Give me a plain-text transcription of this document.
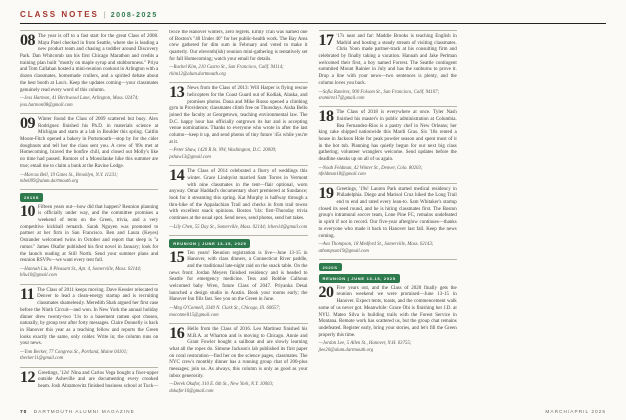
CLASS NOTES | 2008-2025
08 The year is off to a fast start for the great Class of 2008. Maya Patel checked in from Seattle, where she is leading a new product team and chasing a toddler around Discovery Park. Dan Whitcomb ran his first Chicago Marathon and credits a training plan built "mostly on maple syrup and stubbornness." Priya and Tom Callahan hosted a mini-reunion cookout in Arlington with a dozen classmates, homemade crullers, and a spirited debate about the best booth at Lou's. Keep the updates coming—your classmates genuinely read every word of this column.

—Jess Harmon, 41 Birchwood Lane, Arlington, Mass. 02474; jess.harmon08@gmail.com

09 Winter found the Class of 2009 scattered but busy. Alex Rodriguez finished his Ph.D. in materials science at Michigan and starts at a lab in Boulder this spring. Caitlin Moore-Fitch opened a bakery in Portsmouth—stop by for the cider doughnuts and tell her the class sent you. A crew of '09s met at Homecoming, braved the bonfire chill, and closed out Molly's like no time had passed. Rumors of a Moosilauke hike this summer are true; email me to claim a bunk at the Ravine Lodge.

—Marcus Bell, 19 Gates St., Brooklyn, N.Y. 11231; mbell09@alum.dartmouth.org

2010S

10 Fifteen years out—how did that happen? Reunion planning is officially under way, and the committee promises a weekend of tents on the Green, trivia, and a very competitive kickball rematch. Sarah Nguyen was promoted to partner at her firm in San Francisco. Ben and Laura (Keyes) Ostrander welcomed twins in October and report that sleep is "a rumor." James Okafor published his first novel in January; look for the launch reading at Still North. Send your summer plans and reunion RSVPs—we want every tent full.

—Hannah Liu, 8 Pleasant St., Apt. 4, Somerville, Mass. 02144; hliu10@gmail.com

11 The Class of 2011 keeps moving. Dave Kessler relocated to Denver to lead a clean-energy startup and is recruiting classmates shamelessly. Meredith Shah argued her first case before the Ninth Circuit—and won. In New York the annual holiday dinner drew twenty-two '11s to a basement ramen spot chosen, naturally, by group text after forty messages. Claire Donnelly is back in Hanover this year as a teaching fellow and reports the Green looks exactly the same, only colder. Write in; the column runs on your news.

—Tom Becker, 77 Congress St., Portland, Maine 04101; tbecker11@gmail.com

12 Greetings, '12s! Nina and Carlos Vega bought a fixer-upper outside Asheville and are documenting every crooked beam. Josh Abramowitz finished business school at Tuck—twice the Hanover winters, zero regrets. Emily Tran was named one of Boston's "40 Under 40" for her public-health work. The Bay Area crew gathered for dim sum in February and voted to make it quarterly. Our eleventh(ish) reunion mini-gathering is tentatively set for fall Homecoming; watch your email for details.

—Rachel Kim, 210 Castro St., San Francisco, Calif. 94114; rkim12@alum.dartmouth.org

13 News from the Class of 2013: Will Harper is flying rescue helicopters for the Coast Guard out of Kodiak, Alaska, and promises photos. Dana and Mike Russo opened a climbing gym in Providence; classmates climb free on Thursdays. Aisha Bello joined the faculty at Georgetown, teaching environmental law. The D.C. happy hour has officially outgrown its bar and is accepting venue nominations. Thanks to everyone who wrote in after the last column—keep it up, and send photos of tiny future '45s while you're at it.

—Peter Shaw, 1420 R St. NW, Washington, D.C. 20009; pshaw13@gmail.com

14 The Class of 2014 celebrated a flurry of weddings this winter. Grace Lindqvist married Sam Torres in Vermont with nine classmates in the tent—flair optional, worn anyway. Omar Haddad's documentary short premiered at Sundance; look for it streaming this spring. Kat Murphy is halfway through a thru-hike of the Appalachian Trail and checks in from trail towns with excellent snack opinions. Boston '14s: first-Thursday trivia continues at the usual spot. Send news, send photos, send hot takes.

—Lily Chen, 55 Day St., Somerville, Mass. 02144; lchen14@gmail.com

REUNION | JUNE 13-15, 2025

15 Ten years! Reunion registration is live—June 13-15 in Hanover, with class dinners, a Connecticut River paddle, and the traditional late-night raid on the snack table. On the news front: Jordan Meyers finished residency and is headed to Seattle for emergency medicine. Tess and Robbie Calhoun welcomed baby Wren, future Class of 2047. Priyanka Desai launched a design studio in Austin. Book your rooms early; the Hanover Inn fills fast. See you on the Green in June.

—Meg O'Connell, 3340 N. Clark St., Chicago, Ill. 60657; moconnell15@gmail.com

16 Hello from the Class of 2016. Leo Martinez finished his M.B.A. at Wharton and is moving to Chicago. Annie and Grant Fowler bought a sailboat and are slowly learning what all the ropes do. Simone Jackson's lab published its first paper on coral restoration—find her on the science pages, classmates. The NYC crew's monthly dinner has a running group chat of 200-plus messages; join us. As always, this column is only as good as your inbox generosity.

—Derek Okafor, 310 E. 6th St., New York, N.Y. 10003; dokafor16@gmail.com

17 '17s near and far: Maddie Brooks is teaching English in Madrid and hosting a steady stream of visiting classmates. Chris Yoon made partner-track at his consulting firm and celebrated by finally taking a vacation. Hannah and Jake Perlman welcomed their first, a boy named Forrest. The Seattle contingent summited Mount Rainier in July and has the sunburns to prove it. Drop a line with your news—two sentences is plenty, and the column loves you back.

—Sofia Ramirez, 900 Folsom St., San Francisco, Calif. 94107; sramirez17@gmail.com

18 The Class of 2018 is everywhere at once. Tyler Nash finished his master's in public administration at Columbia. Bea Fernandez-Rios is a pastry chef in New Orleans; her king cake shipped nationwide this Mardi Gras. Six '18s rented a house in Jackson Hole for peak powder season and spent most of it in the hot tub. Planning has quietly begun for our next big class gathering; volunteer wranglers welcome. Send updates before the deadline sneaks up on all of us again.

—Noah Feldman, 42 Winter St., Denver, Colo. 80203; nfeldman18@gmail.com

19 Greetings, '19s! Lauren Park started medical residency in Philadelphia. Diego and Marisol Cruz hiked the Long Trail end to end and rated every lean-to. Sam Whitaker's startup closed its seed round, and he is hiring classmates first. The Boston group's intramural soccer team, Lone Pine FC, remains undefeated in spirit if not in record. Our five-year afterglow continues—thanks to everyone who made it back to Hanover last fall. Keep the news coming.

—Ava Thompson, 18 Medford St., Somerville, Mass. 02143; athompson19@gmail.com

2020S
REUNION | JUNE 13-15, 2025

20 Five years out, and the Class of 2020 finally gets the reunion weekend we were promised—June 13-15 in Hanover. Expect tents, toasts, and the commencement walk some of us never got. Meanwhile: Grace Obi is finishing her J.D. at NYU. Mateo Silva is building trails with the Forest Service in Montana. Remote work has scattered us, but the group chat remains undefeated. Register early, bring your stories, and let's fill the Green properly this time.

—Jordan Lee, 5 Allen St., Hanover, N.H. 03755; jlee20@alum.dartmouth.org

70 DARTMOUTH ALUMNI MAGAZINE	MARCH/APRIL 2025
